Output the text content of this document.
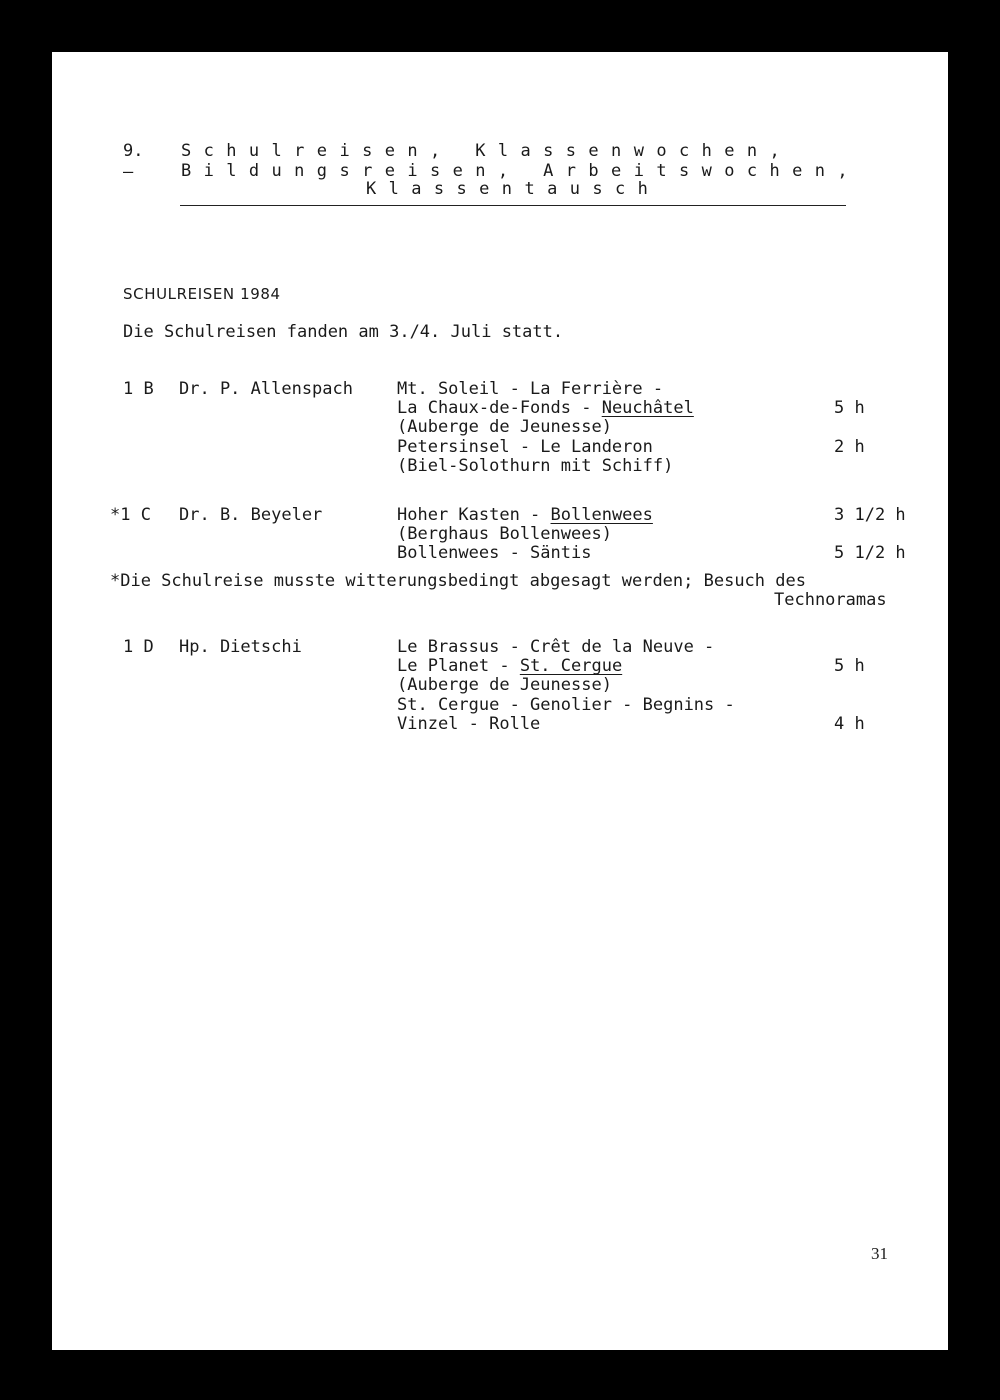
9.
—
Schulreisen, Klassenwochen,
Bildungsreisen, Arbeitswochen,
Klassentausch
SCHULREISEN 1984
Die Schulreisen fanden am 3./4. Juli statt.
1 B Dr. P. Allenspach	Mt. Soleil - La Ferrière -
La Chaux-de-Fonds - Neuchâtel	5 h
(Auberge de Jeunesse)
Petersinsel - Le Landeron	2 h
(Biel-Solothurn mit Schiff)
*1 C Dr. B. Beyeler	Hoher Kasten - Bollenwees	3 1/2 h
(Berghaus Bollenwees)
Bollenwees - Säntis	5 1/2 h
1 D Hp. Dietschi	Le Brassus - Crêt de la Neuve -
Le Planet - St. Cergue	5 h
(Auberge de Jeunesse)
St. Cergue - Genolier - Begnins -
Vinzel - Rolle	4 h
*Die Schulreise musste witterungsbedingt abgesagt werden; Besuch des
Technoramas
31
